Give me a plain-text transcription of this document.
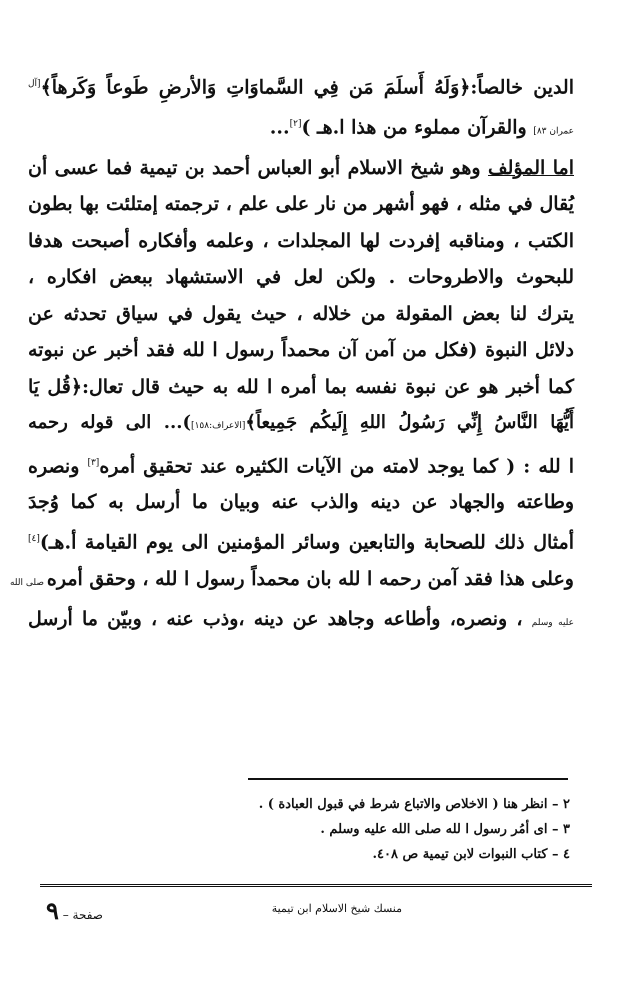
الدين خالصاً:﴿وَلَهُ أَسلَمَ مَن فِي السَّماوَاتِ وَالأرضِ طَوعاً وَكَرهاً﴾$^{[آل}$
عمران ٨٣] والقرآن مملوء من هذا ا.هـ )[٢]...
اما المؤلف وهو شيخ الاسلام أبو العباس أحمد بن تيمية فما عسى أن
يُقال في مثله ، فهو أشهر من نار على علم ، ترجمته إمتلئت بها بطون
الكتب ، ومناقبه إفردت لها المجلدات ، وعلمه وأفكاره أصبحت هدفا
للبحوث والاطروحات . ولكن لعل في الاستشهاد ببعض افكاره ،
يترك لنا بعض المقولة من خلاله ، حيث يقول في سياق تحدثه عن
دلائل النبوة (فكل من آمن آن محمداً رسول ا لله فقد أخبر عن نبوته
كما أخبر هو عن نبوة نفسه بما أمره ا لله به حيث قال تعال:﴿قُل يَا
أَيُّهَا النَّاسُ إِنِّي رَسُولُ اللهِ إِلَيكُم جَمِيعاً﴾[الاعراف:١٥٨])... الى قوله رحمه
ا لله : ( كما يوجد لامته من الآيات الكثيره عند تحقيق أمره[٣] ونصره
وطاعته والجهاد عن دينه والذب عنه وبيان ما أرسل به كما وُجدَ
أمثال ذلك للصحابة والتابعين وسائر المؤمنين الى يوم القيامة أ.هـ)[٤]
وعلى هذا فقد آمن رحمه ا لله بان محمداً رسول ا لله ، وحقق أمره صلى الله
عليه وسلم ، ونصره، وأطاعه وجاهد عن دينه ،وذب عنه ، وبيّن ما أرسل
٢ – انظر هنا ( الاخلاص والاتباع شرط في قبول العبادة ) .
٣ – اى أمُر رسول ا لله صلى الله عليه وسلم .
٤ – كتاب النبوات لابن تيمية ص ٤٠٨.
منسك شيخ الاسلام ابن تيمية
صفحة – ٩
